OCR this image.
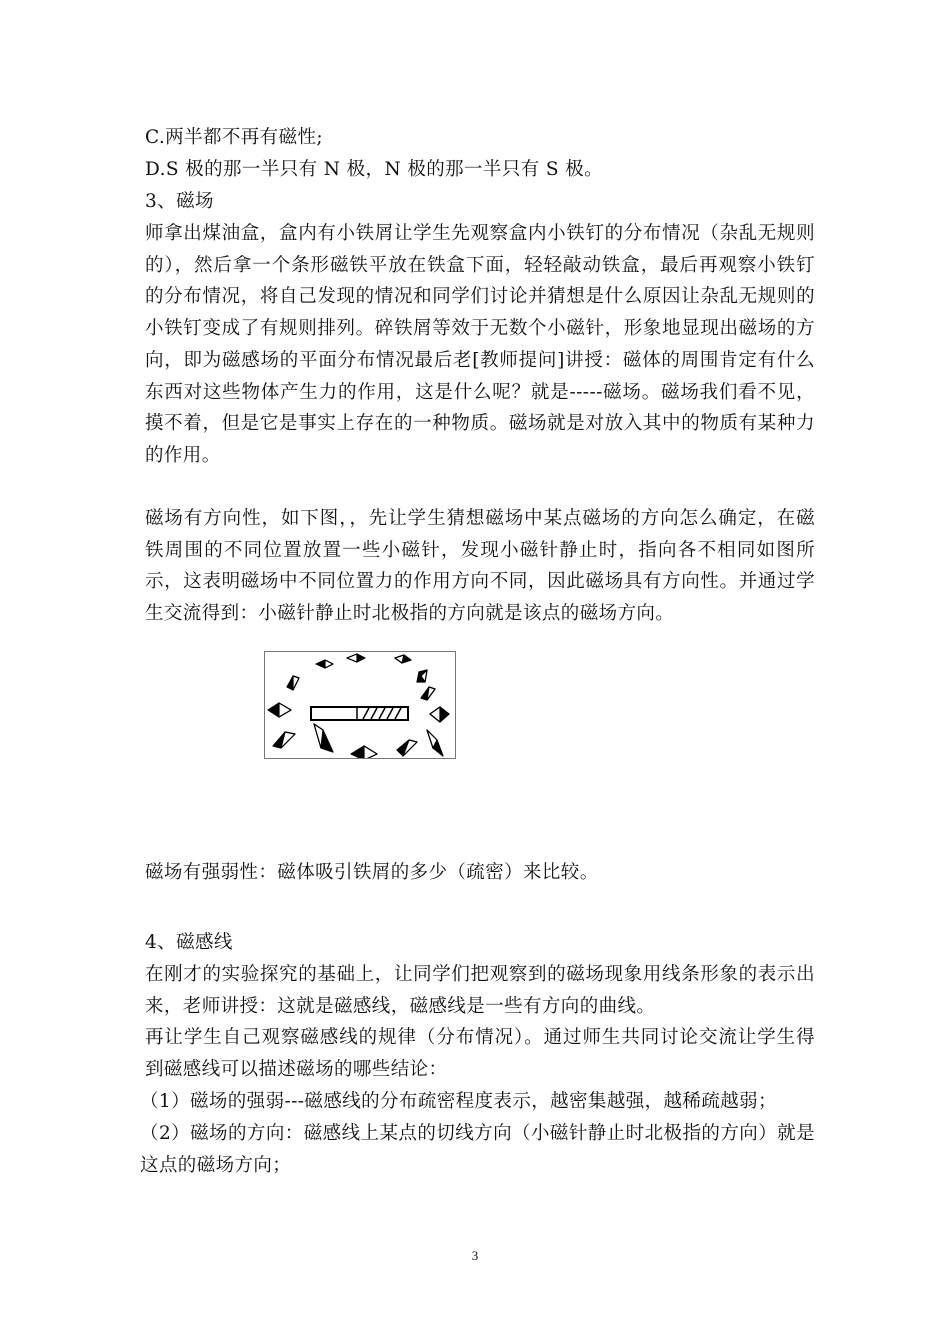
C.两半都不再有磁性;

D.S 极的那一半只有 N 极，N 极的那一半只有 S 极。

3、磁场

师拿出煤油盒，盒内有小铁屑让学生先观察盒内小铁钉的分布情况（杂乱无规则的），然后拿一个条形磁铁平放在铁盒下面，轻轻敲动铁盒，最后再观察小铁钉的分布情况，将自己发现的情况和同学们讨论并猜想是什么原因让杂乱无规则的小铁钉变成了有规则排列。碎铁屑等效于无数个小磁针，形象地显现出磁场的方向，即为磁感场的平面分布情况最后老[教师提问]讲授：磁体的周围肯定有什么东西对这些物体产生力的作用，这是什么呢？就是-----磁场。磁场我们看不见，摸不着，但是它是事实上存在的一种物质。磁场就是对放入其中的物质有某种力的作用。

磁场有方向性，如下图，，先让学生猜想磁场中某点磁场的方向怎么确定，在磁铁周围的不同位置放置一些小磁针，发现小磁针静止时，指向各不相同如图所示，这表明磁场中不同位置力的作用方向不同，因此磁场具有方向性。并通过学生交流得到：小磁针静止时北极指的方向就是该点的磁场方向。

磁场有强弱性：磁体吸引铁屑的多少（疏密）来比较。

4、磁感线

在刚才的实验探究的基础上，让同学们把观察到的磁场现象用线条形象的表示出来，老师讲授：这就是磁感线，磁感线是一些有方向的曲线。

再让学生自己观察磁感线的规律（分布情况）。通过师生共同讨论交流让学生得到磁感线可以描述磁场的哪些结论：

（1）磁场的强弱---磁感线的分布疏密程度表示，越密集越强，越稀疏越弱；

（2）磁场的方向：磁感线上某点的切线方向（小磁针静止时北极指的方向）就是这点的磁场方向；

3
